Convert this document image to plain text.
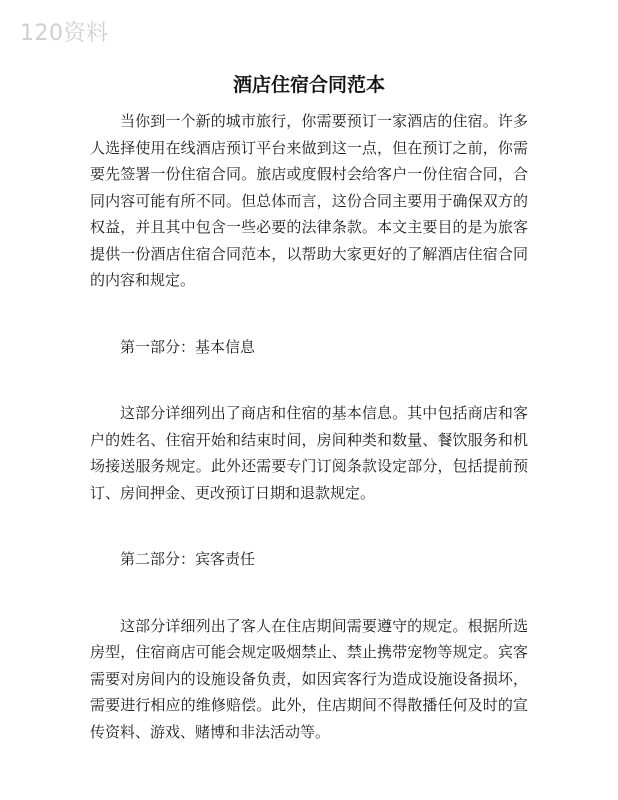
120资料
酒店住宿合同范本

当你到一个新的城市旅行，你需要预订一家酒店的住宿。许多人选择使用在线酒店预订平台来做到这一点，但在预订之前，你需要先签署一份住宿合同。旅店或度假村会给客户一份住宿合同，合同内容可能有所不同。但总体而言，这份合同主要用于确保双方的权益，并且其中包含一些必要的法律条款。本文主要目的是为旅客提供一份酒店住宿合同范本，以帮助大家更好的了解酒店住宿合同的内容和规定。

第一部分：基本信息

这部分详细列出了商店和住宿的基本信息。其中包括商店和客户的姓名、住宿开始和结束时间，房间种类和数量、餐饮服务和机场接送服务规定。此外还需要专门订阅条款设定部分，包括提前预订、房间押金、更改预订日期和退款规定。

第二部分：宾客责任

这部分详细列出了客人在住店期间需要遵守的规定。根据所选房型，住宿商店可能会规定吸烟禁止、禁止携带宠物等规定。宾客需要对房间内的设施设备负责，如因宾客行为造成设施设备损坏，需要进行相应的维修赔偿。此外，住店期间不得散播任何及时的宣传资料、游戏、赌博和非法活动等。
